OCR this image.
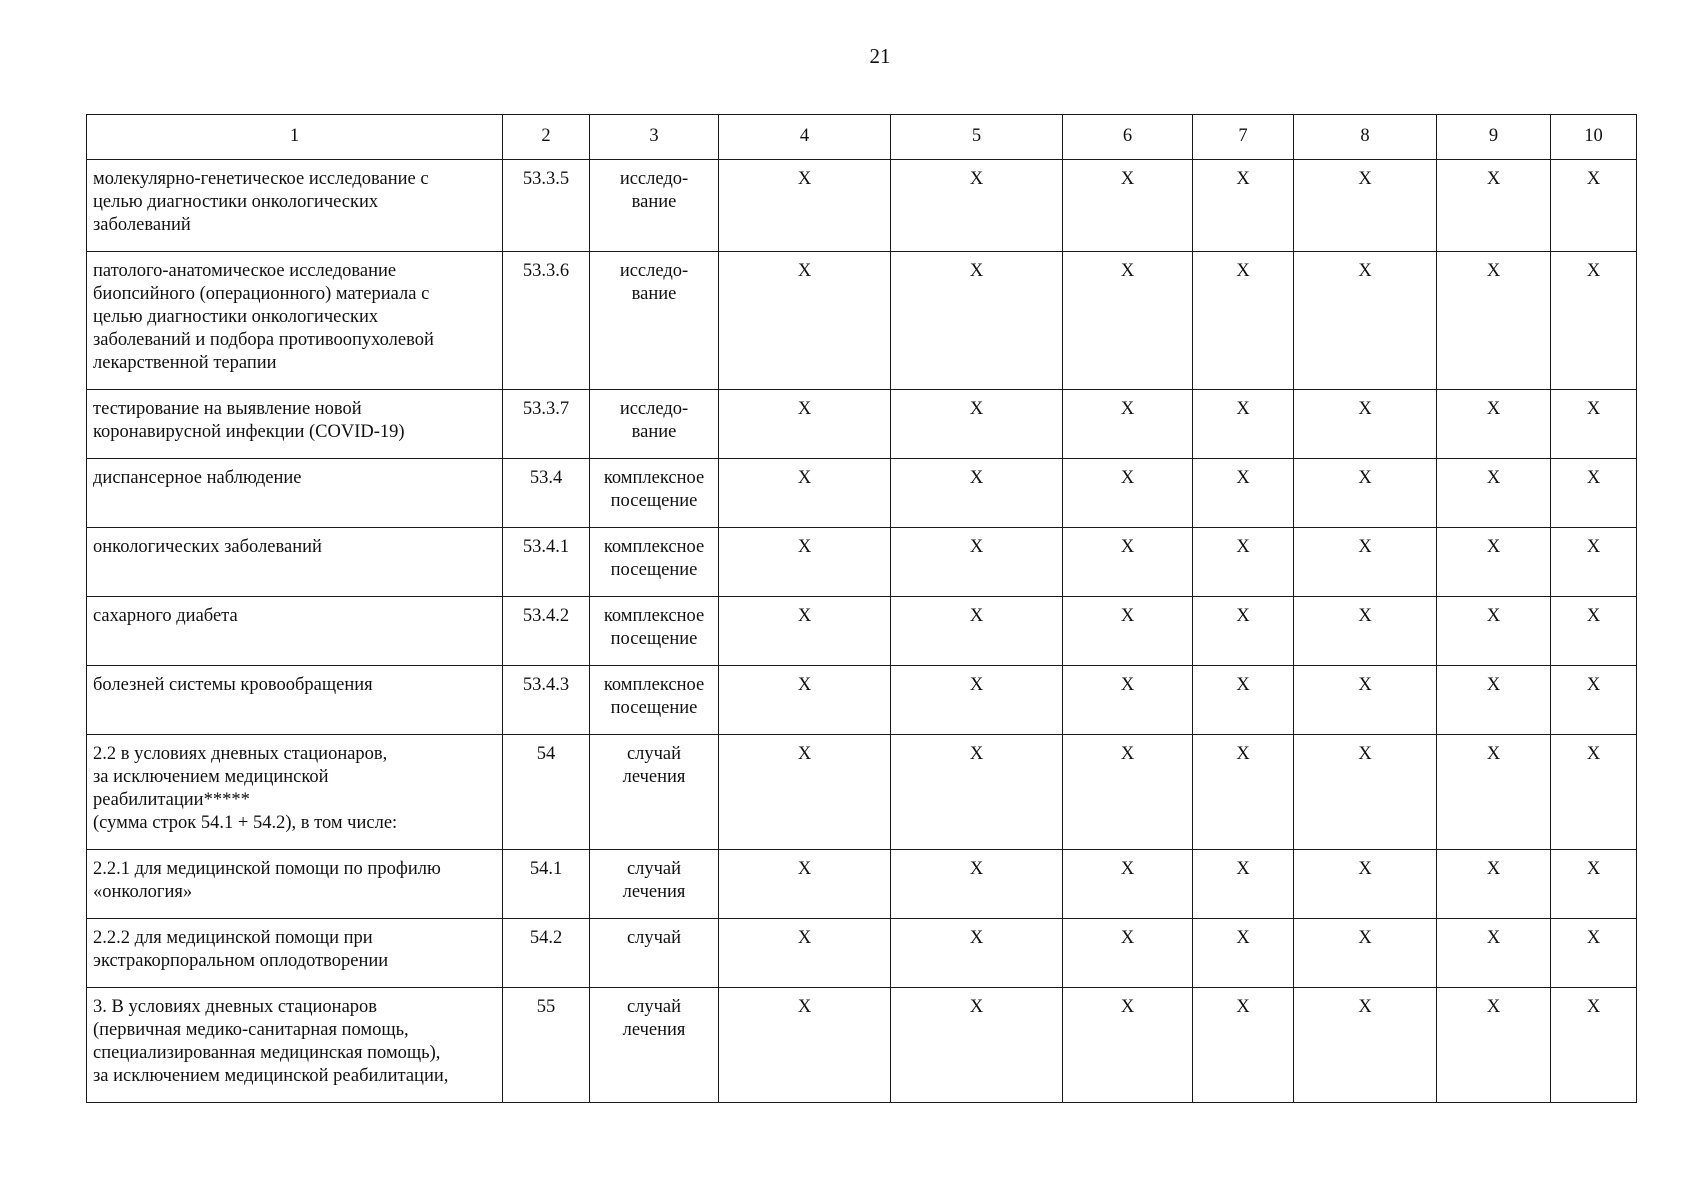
21
1	2	3	4	5	6	7	8	9	10
молекулярно-генетическое исследование с
целью диагностики онкологических
заболеваний	53.3.5	исследо-
вание	X	X	X	X	X	X	X
патолого-анатомическое исследование
биопсийного (операционного) материала с
целью диагностики онкологических
заболеваний и подбора противоопухолевой
лекарственной терапии	53.3.6	исследо-
вание	X	X	X	X	X	X	X
тестирование на выявление новой
коронавирусной инфекции (COVID-19)	53.3.7	исследо-
вание	X	X	X	X	X	X	X
диспансерное наблюдение	53.4	комплексное
посещение	X	X	X	X	X	X	X
онкологических заболеваний	53.4.1	комплексное
посещение	X	X	X	X	X	X	X
сахарного диабета	53.4.2	комплексное
посещение	X	X	X	X	X	X	X
болезней системы кровообращения	53.4.3	комплексное
посещение	X	X	X	X	X	X	X
2.2 в условиях дневных стационаров,
за исключением медицинской
реабилитации*****
(сумма строк 54.1 + 54.2), в том числе:	54	случай
лечения	X	X	X	X	X	X	X
2.2.1 для медицинской помощи по профилю
«онкология»	54.1	случай
лечения	X	X	X	X	X	X	X
2.2.2 для медицинской помощи при
экстракорпоральном оплодотворении	54.2	случай	X	X	X	X	X	X	X
3. В условиях дневных стационаров
(первичная медико-санитарная помощь,
специализированная медицинская помощь),
за исключением медицинской реабилитации,	55	случай
лечения	X	X	X	X	X	X	X
